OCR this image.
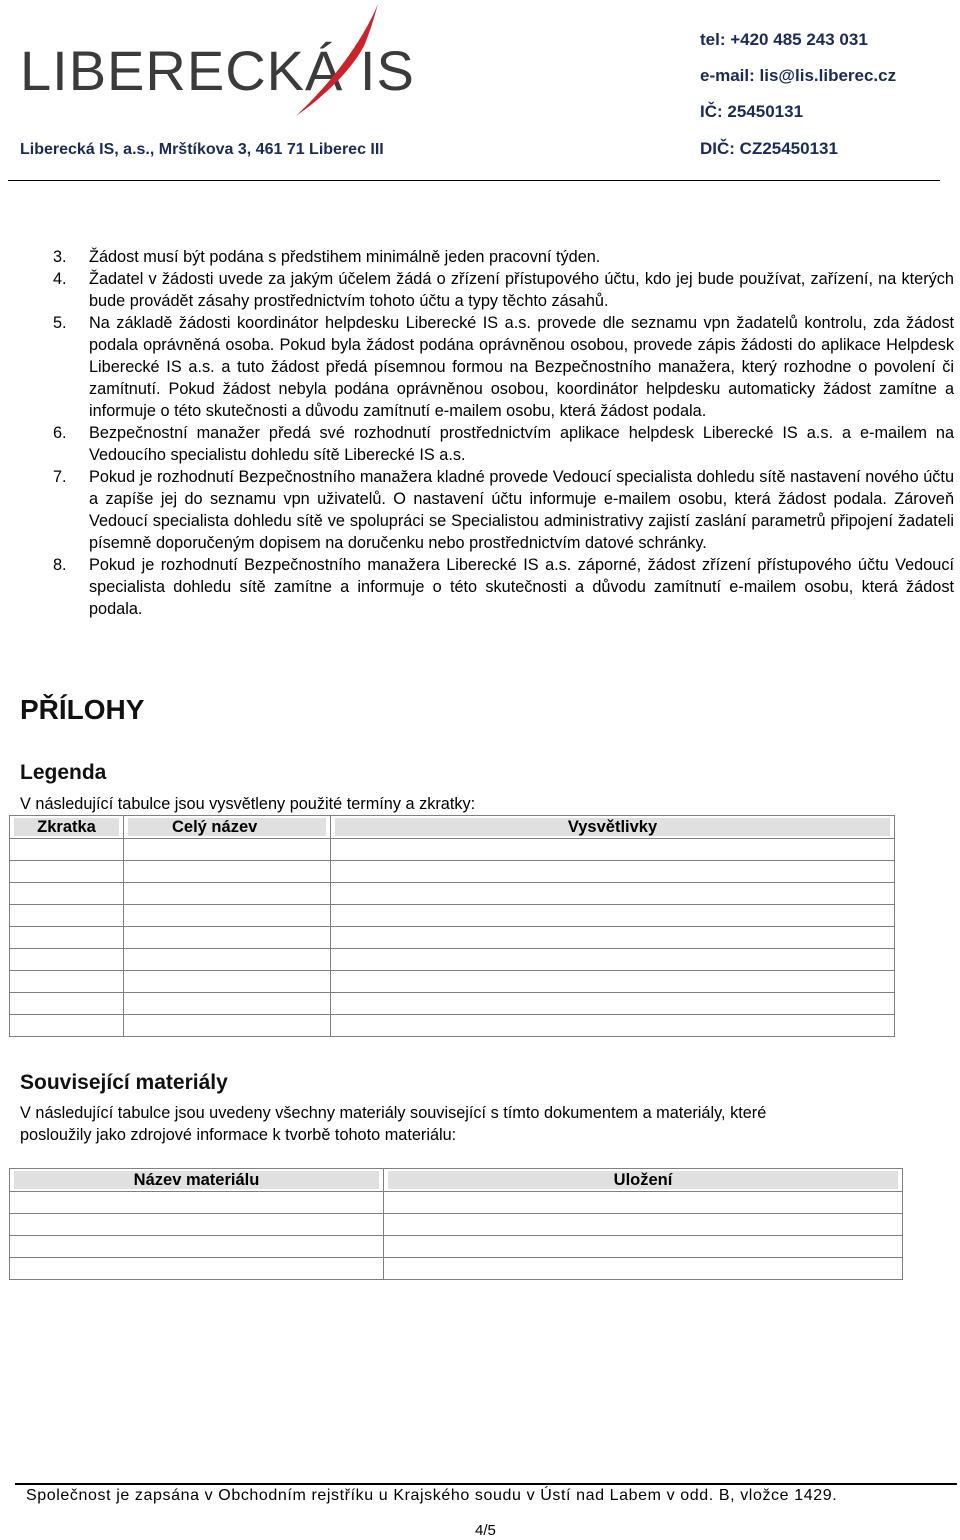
LIBERECKÁ IS
Liberecká IS, a.s., Mrštíkova 3, 461 71 Liberec III
tel: +420 485 243 031
e-mail: lis@lis.liberec.cz
IČ: 25450131
DIČ: CZ25450131
3.	Žádost musí být podána s předstihem minimálně jeden pracovní týden.
4.	Žadatel v žádosti uvede za jakým účelem žádá o zřízení přístupového účtu, kdo jej bude používat, zařízení, na kterých bude provádět zásahy prostřednictvím tohoto účtu a typy těchto zásahů.
5.	Na základě žádosti koordinátor helpdesku Liberecké IS a.s. provede dle seznamu vpn žadatelů kontrolu, zda žádost podala oprávněná osoba. Pokud byla žádost podána oprávněnou osobou, provede zápis žádosti do aplikace Helpdesk Liberecké IS a.s. a tuto žádost předá písemnou formou na Bezpečnostního manažera, který rozhodne o povolení či zamítnutí. Pokud žádost nebyla podána oprávněnou osobou, koordinátor helpdesku automaticky žádost zamítne a informuje o této skutečnosti a důvodu zamítnutí e-mailem osobu, která žádost podala.
6.	Bezpečnostní manažer předá své rozhodnutí prostřednictvím aplikace helpdesk Liberecké IS a.s. a e-mailem na Vedoucího specialistu dohledu sítě Liberecké IS a.s.
7.	Pokud je rozhodnutí Bezpečnostního manažera kladné provede Vedoucí specialista dohledu sítě nastavení nového účtu a zapíše jej do seznamu vpn uživatelů. O nastavení účtu informuje e-mailem osobu, která žádost podala. Zároveň Vedoucí specialista dohledu sítě ve spolupráci se Specialistou administrativy zajistí zaslání parametrů připojení žadateli písemně doporučeným dopisem na doručenku nebo prostřednictvím datové schránky.
8.	Pokud je rozhodnutí Bezpečnostního manažera Liberecké IS a.s. záporné, žádost zřízení přístupového účtu Vedoucí specialista dohledu sítě zamítne a informuje o této skutečnosti a důvodu zamítnutí e-mailem osobu, která žádost podala.
PŘÍLOHY
Legenda
V následující tabulce jsou vysvětleny použité termíny a zkratky:
Zkratka	Celý název	Vysvětlivky

Související materiály
V následující tabulce jsou uvedeny všechny materiály související s tímto dokumentem a materiály, které
posloužily jako zdrojové informace k tvorbě tohoto materiálu:
Název materiálu	Uložení

Společnost je zapsána v Obchodním rejstříku u Krajského soudu v Ústí nad Labem v odd. B, vložce 1429.
4/5
